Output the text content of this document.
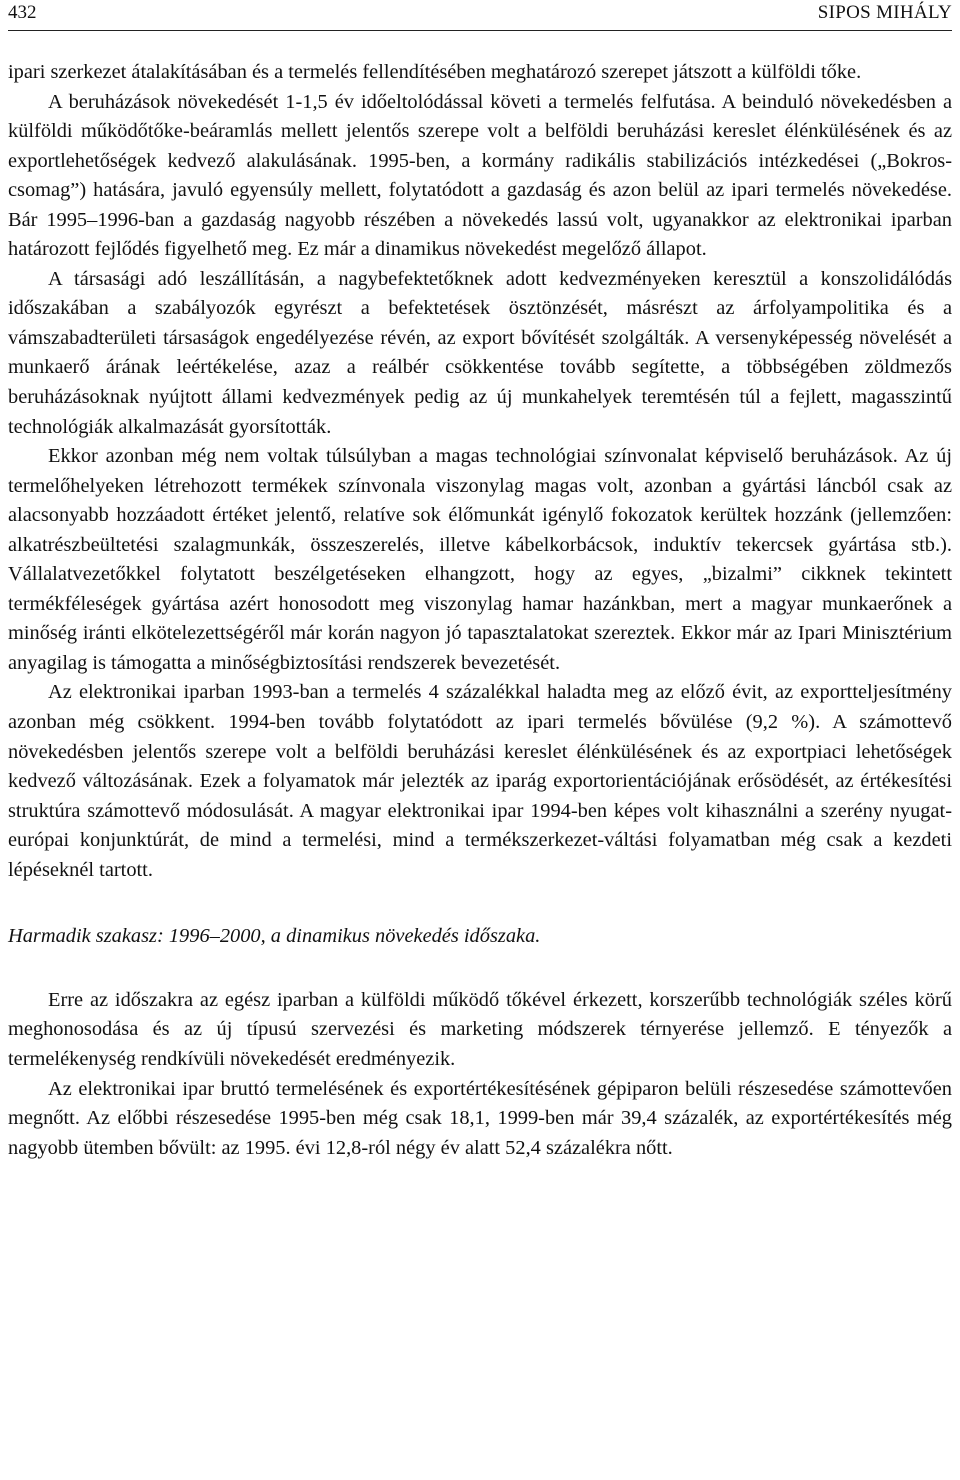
432	SIPOS MIHÁLY

ipari szerkezet átalakításában és a termelés fellendítésében meghatározó szerepet játszott a külföldi tőke.

A beruházások növekedését 1-1,5 év időeltolódással követi a termelés felfutása. A beinduló növekedésben a külföldi működőtőke-beáramlás mellett jelentős szerepe volt a belföldi beruházási kereslet élénkülésének és az exportlehetőségek kedvező alakulásának. 1995-ben, a kormány radikális stabilizációs intézkedései („Bokros-csomag”) hatására, javuló egyensúly mellett, folytatódott a gazdaság és azon belül az ipari termelés növekedése. Bár 1995–1996-ban a gazdaság nagyobb részében a növekedés lassú volt, ugyanakkor az elektronikai iparban határozott fejlődés figyelhető meg. Ez már a dinamikus növekedést megelőző állapot.

A társasági adó leszállításán, a nagybefektetőknek adott kedvezményeken keresztül a konszolidálódás időszakában a szabályozók egyrészt a befektetések ösztönzését, másrészt az árfolyampolitika és a vámszabadterületi társaságok engedélyezése révén, az export bővítését szolgálták. A versenyképesség növelését a munkaerő árának leértékelése, azaz a reálbér csökkentése tovább segítette, a többségében zöldmezős beruházásoknak nyújtott állami kedvezmények pedig az új munkahelyek teremtésén túl a fejlett, magasszintű technológiák alkalmazását gyorsították.

Ekkor azonban még nem voltak túlsúlyban a magas technológiai színvonalat képviselő beruházások. Az új termelőhelyeken létrehozott termékek színvonala viszonylag magas volt, azonban a gyártási láncból csak az alacsonyabb hozzáadott értéket jelentő, relatíve sok élőmunkát igénylő fokozatok kerültek hozzánk (jellemzően: alkatrészbeültetési szalagmunkák, összeszerelés, illetve kábelkorbácsok, induktív tekercsek gyártása stb.). Vállalatvezetőkkel folytatott beszélgetéseken elhangzott, hogy az egyes, „bizalmi” cikknek tekintett termékféleségek gyártása azért honosodott meg viszonylag hamar hazánkban, mert a magyar munkaerőnek a minőség iránti elkötelezettségéről már korán nagyon jó tapasztalatokat szereztek. Ekkor már az Ipari Minisztérium anyagilag is támogatta a minőségbiztosítási rendszerek bevezetését.

Az elektronikai iparban 1993-ban a termelés 4 százalékkal haladta meg az előző évit, az exportteljesítmény azonban még csökkent. 1994-ben tovább folytatódott az ipari termelés bővülése (9,2 %). A számottevő növekedésben jelentős szerepe volt a belföldi beruházási kereslet élénkülésének és az exportpiaci lehetőségek kedvező változásának. Ezek a folyamatok már jelezték az iparág exportorientációjának erősödését, az értékesítési struktúra számottevő módosulását. A magyar elektronikai ipar 1994-ben képes volt kihasználni a szerény nyugat-európai konjunktúrát, de mind a termelési, mind a termékszerkezet-váltási folyamatban még csak a kezdeti lépéseknél tartott.

Harmadik szakasz: 1996–2000, a dinamikus növekedés időszaka.

Erre az időszakra az egész iparban a külföldi működő tőkével érkezett, korszerűbb technológiák széles körű meghonosodása és az új típusú szervezési és marketing módszerek térnyerése jellemző. E tényezők a termelékenység rendkívüli növekedését eredményezik.

Az elektronikai ipar bruttó termelésének és exportértékesítésének gépiparon belüli részesedése számottevően megnőtt. Az előbbi részesedése 1995-ben még csak 18,1, 1999-ben már 39,4 százalék, az exportértékesítés még nagyobb ütemben bővült: az 1995. évi 12,8-ról négy év alatt 52,4 százalékra nőtt.
